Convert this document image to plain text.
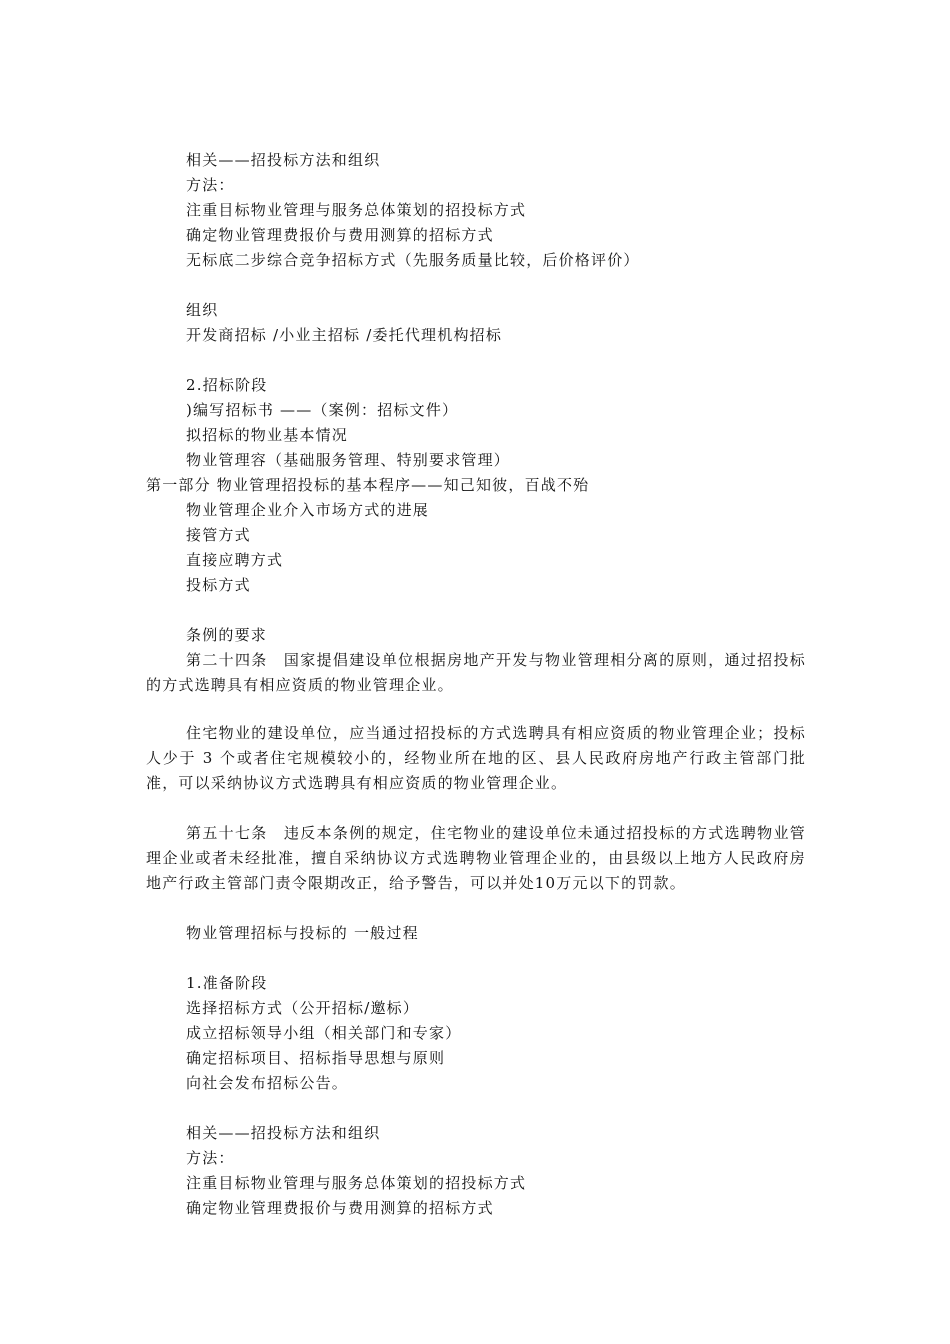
相关——招投标方法和组织
方法：
注重目标物业管理与服务总体策划的招投标方式
确定物业管理费报价与费用测算的招标方式
无标底二步综合竞争招标方式（先服务质量比较，后价格评价）
组织
开发商招标 /小业主招标 /委托代理机构招标
2.招标阶段
)编写招标书 ——（案例：招标文件）
拟招标的物业基本情况
物业管理容（基础服务管理、特别要求管理）
第一部分 物业管理招投标的基本程序——知己知彼，百战不殆
物业管理企业介入市场方式的进展
接管方式
直接应聘方式
投标方式
条例的要求
第二十四条　国家提倡建设单位根据房地产开发与物业管理相分离的原则，通过招投标的方式选聘具有相应资质的物业管理企业。
住宅物业的建设单位，应当通过招投标的方式选聘具有相应资质的物业管理企业；投标人少于 3 个或者住宅规模较小的，经物业所在地的区、县人民政府房地产行政主管部门批准，可以采纳协议方式选聘具有相应资质的物业管理企业。
第五十七条　违反本条例的规定，住宅物业的建设单位未通过招投标的方式选聘物业管理企业或者未经批准，擅自采纳协议方式选聘物业管理企业的，由县级以上地方人民政府房地产行政主管部门责令限期改正，给予警告，可以并处10万元以下的罚款。
物业管理招标与投标的 一般过程
1.准备阶段
选择招标方式（公开招标/邀标）
成立招标领导小组（相关部门和专家）
确定招标项目、招标指导思想与原则
向社会发布招标公告。
相关——招投标方法和组织
方法：
注重目标物业管理与服务总体策划的招投标方式
确定物业管理费报价与费用测算的招标方式
